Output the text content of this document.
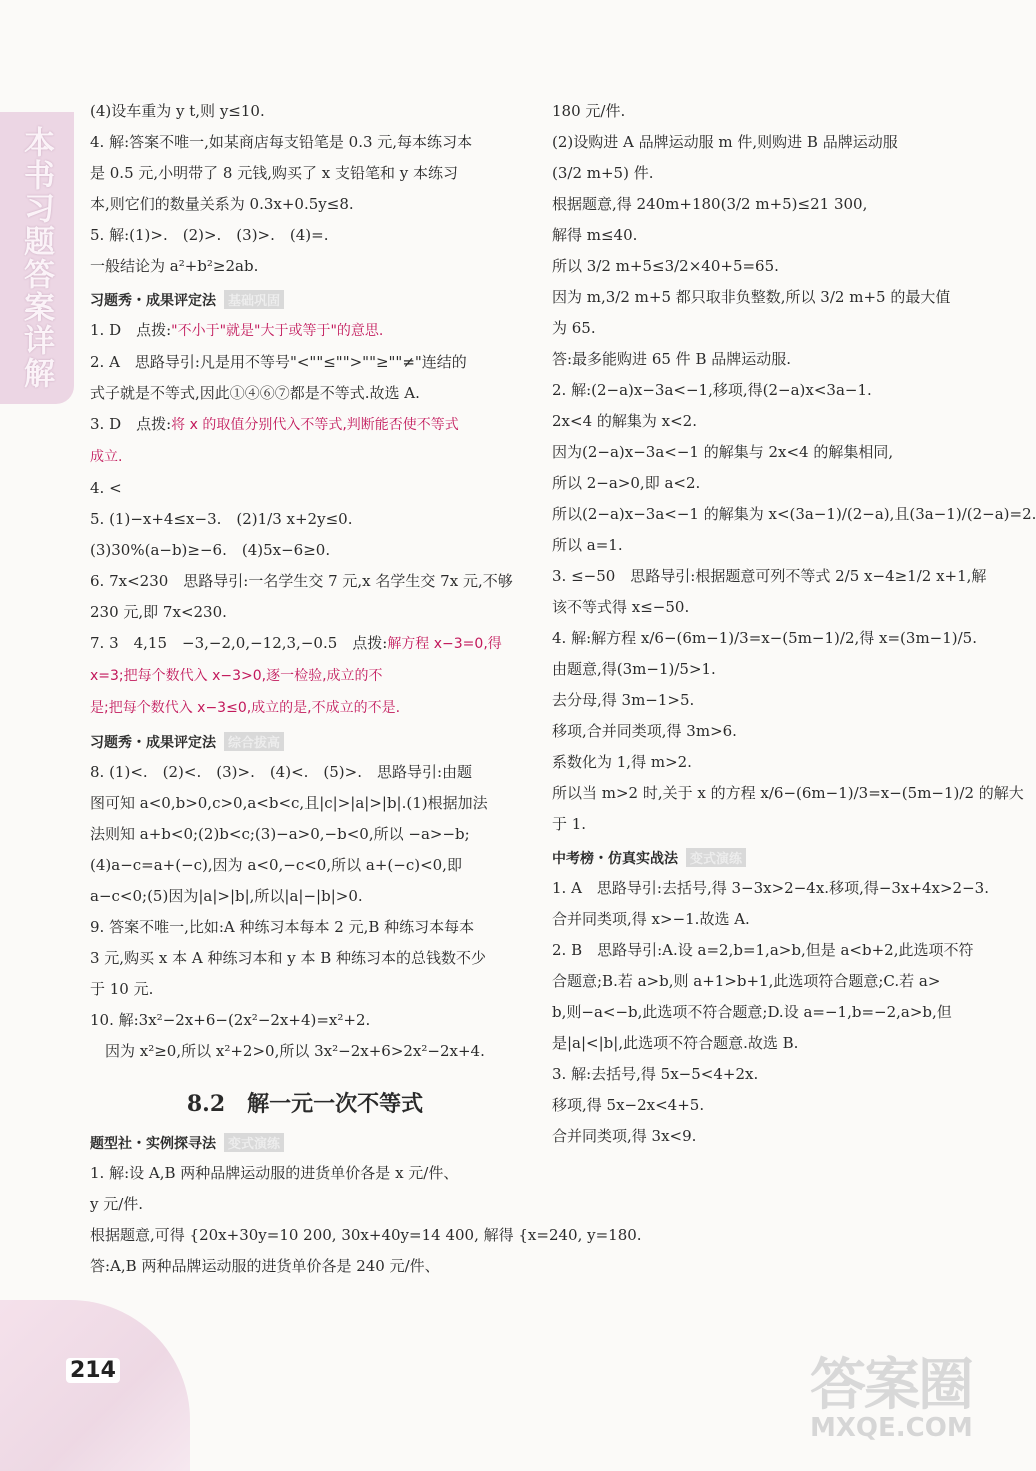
本书习题答案详解
214
(4)设车重为 y t,则 y≤10.
4. 解:答案不唯一,如某商店每支铅笔是 0.3 元,每本练习本
是 0.5 元,小明带了 8 元钱,购买了 x 支铅笔和 y 本练习
本,则它们的数量关系为 0.3x+0.5y≤8.
5. 解:(1)>.　(2)>.　(3)>.　(4)=.
一般结论为 a²+b²≥2ab.
习题秀・成果评定法 基础巩固
1. D　点拨:"不小于"就是"大于或等于"的意思.
2. A　思路导引:凡是用不等号"<""≤"">""≥""≠"连结的
式子就是不等式,因此①④⑥⑦都是不等式.故选 A.
3. D　点拨:将 x 的取值分别代入不等式,判断能否使不等式
成立.
4. <
5. (1)−x+4≤x−3.　(2)1/3 x+2y≤0.
(3)30%(a−b)≥−6.　(4)5x−6≥0.
6. 7x<230　思路导引:一名学生交 7 元,x 名学生交 7x 元,不够
230 元,即 7x<230.
7. 3　4,15　−3,−2,0,−12,3,−0.5　点拨:解方程 x−3=0,得
x=3;把每个数代入 x−3>0,逐一检验,成立的不
是;把每个数代入 x−3≤0,成立的是,不成立的不是.
习题秀・成果评定法 综合拔高
8. (1)<.　(2)<.　(3)>.　(4)<.　(5)>.　思路导引:由题
图可知 a<0,b>0,c>0,a<b<c,且|c|>|a|>|b|.(1)根据加法
法则知 a+b<0;(2)b<c;(3)−a>0,−b<0,所以 −a>−b;
(4)a−c=a+(−c),因为 a<0,−c<0,所以 a+(−c)<0,即
a−c<0;(5)因为|a|>|b|,所以|a|−|b|>0.
9. 答案不唯一,比如:A 种练习本每本 2 元,B 种练习本每本
3 元,购买 x 本 A 种练习本和 y 本 B 种练习本的总钱数不少
于 10 元.
10. 解:3x²−2x+6−(2x²−2x+4)=x²+2.
　因为 x²≥0,所以 x²+2>0,所以 3x²−2x+6>2x²−2x+4.
8.2　解一元一次不等式
题型社・实例探寻法 变式演练
1. 解:设 A,B 两种品牌运动服的进货单价各是 x 元/件、
y 元/件.
根据题意,可得 {20x+30y=10 200, 30x+40y=14 400, 解得 {x=240, y=180.
答:A,B 两种品牌运动服的进货单价各是 240 元/件、
180 元/件.
(2)设购进 A 品牌运动服 m 件,则购进 B 品牌运动服
(3/2 m+5) 件.
根据题意,得 240m+180(3/2 m+5)≤21 300,
解得 m≤40.
所以 3/2 m+5≤3/2×40+5=65.
因为 m,3/2 m+5 都只取非负整数,所以 3/2 m+5 的最大值
为 65.
答:最多能购进 65 件 B 品牌运动服.
2. 解:(2−a)x−3a<−1,移项,得(2−a)x<3a−1.
2x<4 的解集为 x<2.
因为(2−a)x−3a<−1 的解集与 2x<4 的解集相同,
所以 2−a>0,即 a<2.
所以(2−a)x−3a<−1 的解集为 x<(3a−1)/(2−a),且(3a−1)/(2−a)=2.
所以 a=1.
3. ≤−50　思路导引:根据题意可列不等式 2/5 x−4≥1/2 x+1,解
该不等式得 x≤−50.
4. 解:解方程 x/6−(6m−1)/3=x−(5m−1)/2,得 x=(3m−1)/5.
由题意,得(3m−1)/5>1.
去分母,得 3m−1>5.
移项,合并同类项,得 3m>6.
系数化为 1,得 m>2.
所以当 m>2 时,关于 x 的方程 x/6−(6m−1)/3=x−(5m−1)/2 的解大
于 1.
中考榜・仿真实战法 变式演练
1. A　思路导引:去括号,得 3−3x>2−4x.移项,得−3x+4x>2−3.
合并同类项,得 x>−1.故选 A.
2. B　思路导引:A.设 a=2,b=1,a>b,但是 a<b+2,此选项不符
合题意;B.若 a>b,则 a+1>b+1,此选项符合题意;C.若 a>
b,则−a<−b,此选项不符合题意;D.设 a=−1,b=−2,a>b,但
是|a|<|b|,此选项不符合题意.故选 B.
3. 解:去括号,得 5x−5<4+2x.
移项,得 5x−2x<4+5.
合并同类项,得 3x<9.
答案圈
MXQE.COM
